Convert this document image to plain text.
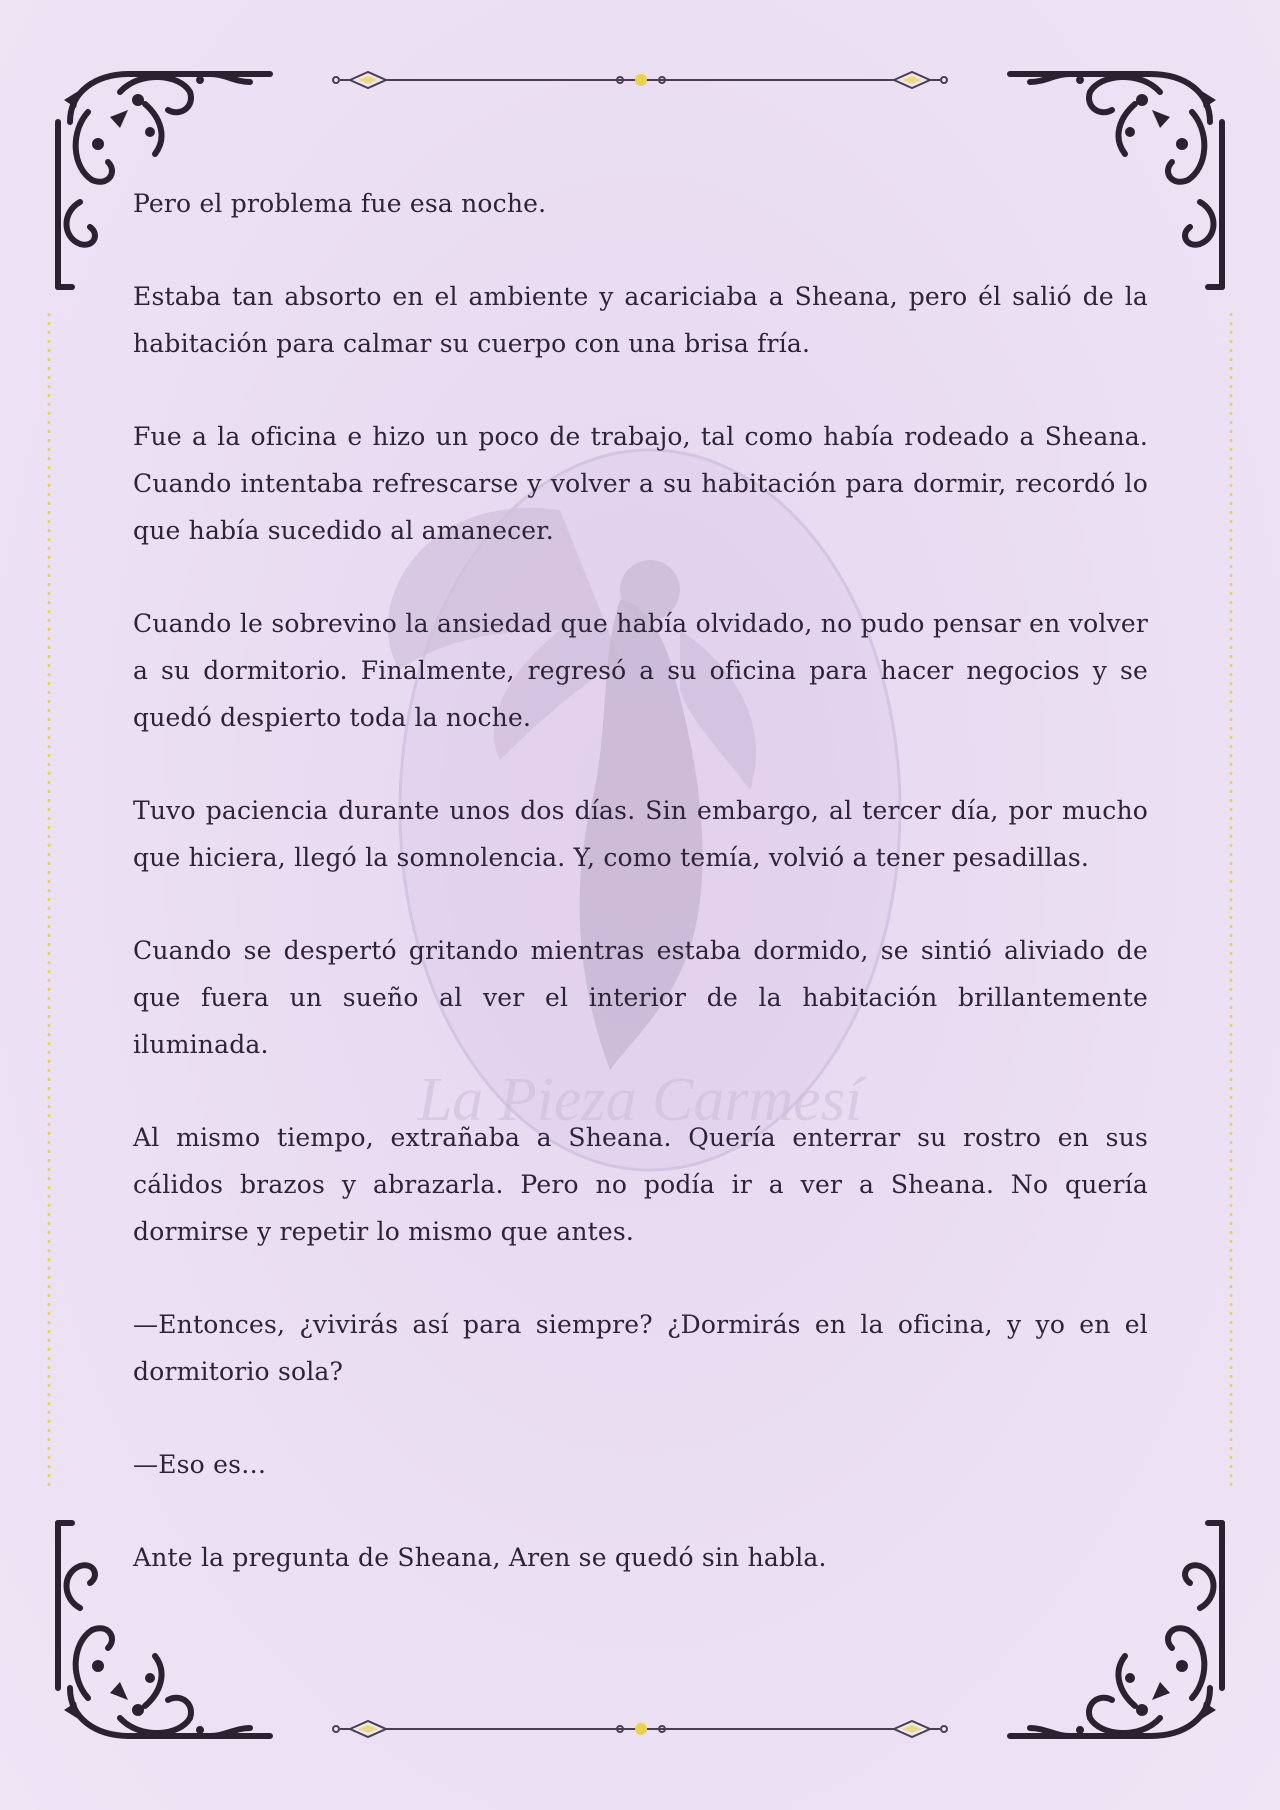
La Pieza Carmesí

Pero el problema fue esa noche.

Estaba tan absorto en el ambiente y acariciaba a Sheana, pero él salió de la habitación para calmar su cuerpo con una brisa fría.

Fue a la oficina e hizo un poco de trabajo, tal como había rodeado a Sheana. Cuando intentaba refrescarse y volver a su habitación para dormir, recordó lo que había sucedido al amanecer.

Cuando le sobrevino la ansiedad que había olvidado, no pudo pensar en volver a su dormitorio. Finalmente, regresó a su oficina para hacer negocios y se quedó despierto toda la noche.

Tuvo paciencia durante unos dos días. Sin embargo, al tercer día, por mucho que hiciera, llegó la somnolencia. Y, como temía, volvió a tener pesadillas.

Cuando se despertó gritando mientras estaba dormido, se sintió aliviado de que fuera un sueño al ver el interior de la habitación brillantemente iluminada.

Al mismo tiempo, extrañaba a Sheana. Quería enterrar su rostro en sus cálidos brazos y abrazarla. Pero no podía ir a ver a Sheana. No quería dormirse y repetir lo mismo que antes.

—Entonces, ¿vivirás así para siempre? ¿Dormirás en la oficina, y yo en el dormitorio sola?

—Eso es…

Ante la pregunta de Sheana, Aren se quedó sin habla.
